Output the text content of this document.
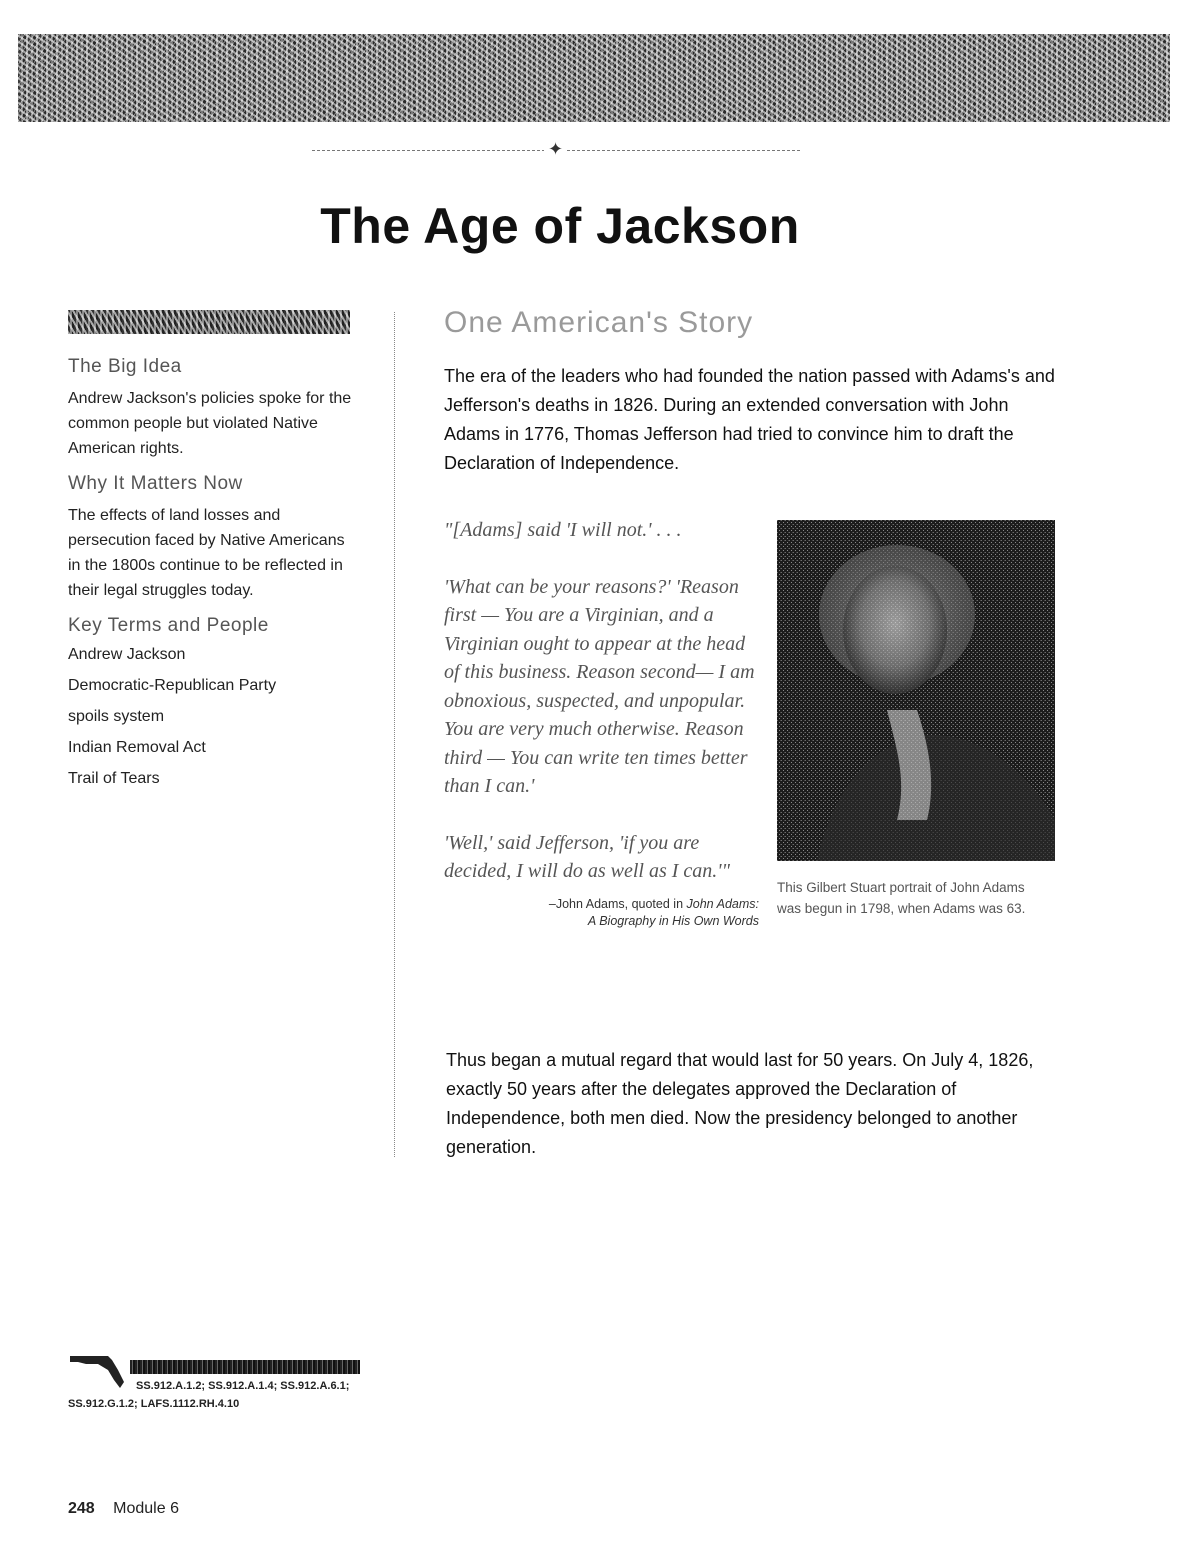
✦
The Age of Jackson
The Big Idea

Andrew Jackson's policies spoke for the common people but violated Native American rights.

Why It Matters Now

The effects of land losses and persecution faced by Native Americans in the 1800s continue to be reflected in their legal struggles today.

Key Terms and People
Andrew Jackson
Democratic-Republican Party
spoils system
Indian Removal Act
Trail of Tears
One American's Story

The era of the leaders who had founded the nation passed with Adams's and Jefferson's deaths in 1826. During an extended conversation with John Adams in 1776, Thomas Jefferson had tried to convince him to draft the Declaration of Independence.

"[Adams] said 'I will not.' . . .

'What can be your reasons?' 'Reason first — You are a Virginian, and a Virginian ought to appear at the head of this business. Reason second— I am obnoxious, suspected, and unpopular. You are very much otherwise. Reason third — You can write ten times better than I can.'

'Well,' said Jefferson, 'if you are decided, I will do as well as I can.'"

–John Adams, quoted in John Adams:
A Biography in His Own Words
This Gilbert Stuart portrait of John Adams was begun in 1798, when Adams was 63.

Thus began a mutual regard that would last for 50 years. On July 4, 1826, exactly 50 years after the delegates approved the Declaration of Independence, both men died. Now the presidency belonged to another generation.

SS.912.A.1.2; SS.912.A.1.4; SS.912.A.6.1;
SS.912.G.1.2; LAFS.1112.RH.4.10
248 Module 6
